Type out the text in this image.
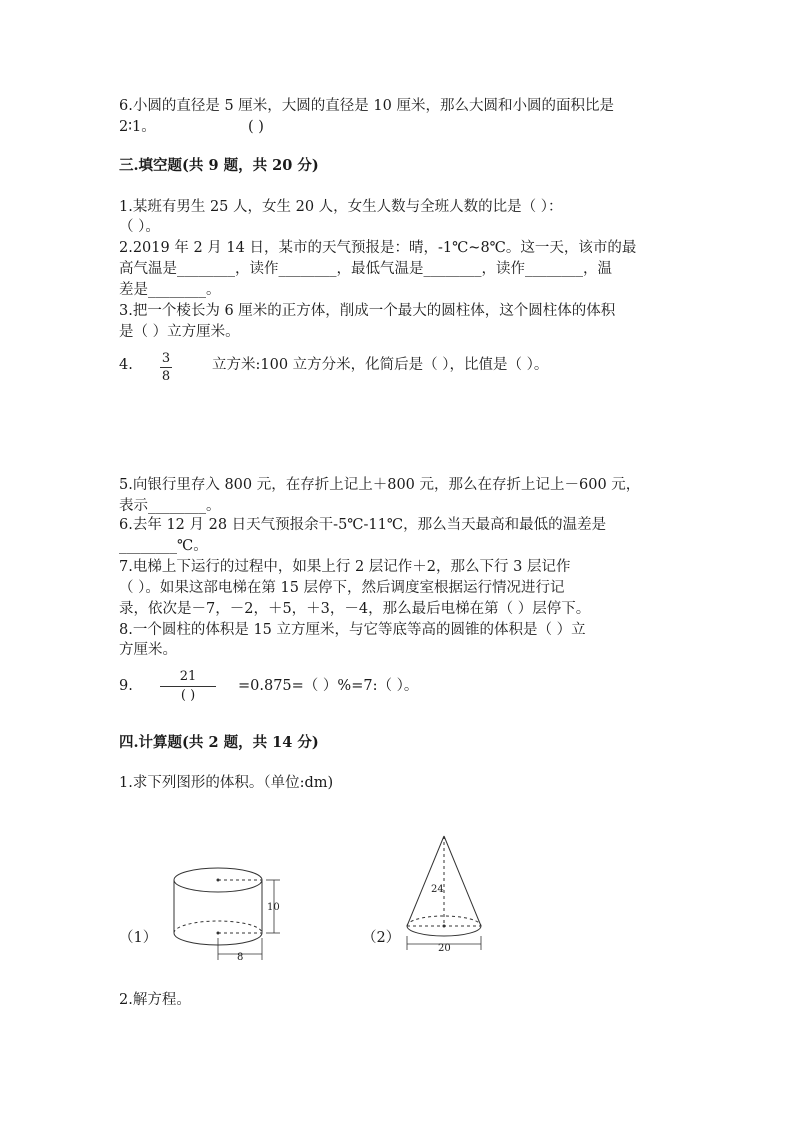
6.小圆的直径是 5 厘米，大圆的直径是 10 厘米，那么大圆和小圆的面积比是
2∶1。	( )
三.填空题(共 9 题，共 20 分)
1.某班有男生 25 人，女生 20 人，女生人数与全班人数的比是（ ）：
（ ）。
2.2019 年 2 月 14 日，某市的天气预报是：晴，-1℃~8℃。这一天，该市的最
高气温是________，读作________，最低气温是________，读作________，温
差是________。
3.把一个棱长为 6 厘米的正方体，削成一个最大的圆柱体，这个圆柱体的体积
是（ ）立方厘米。
4.	3
8
立方米:100 立方分米，化简后是（ ），比值是（ ）。
5.向银行里存入 800 元，在存折上记上＋800 元，那么在存折上记上－600 元，
表示________。
6.去年 12 月 28 日天气预报余干-5℃-11℃，那么当天最高和最低的温差是
________℃。
7.电梯上下运行的过程中，如果上行 2 层记作＋2，那么下行 3 层记作
（ ）。如果这部电梯在第 15 层停下，然后调度室根据运行情况进行记
录，依次是－7，－2，＋5，＋3，－4，那么最后电梯在第（ ）层停下。
8.一个圆柱的体积是 15 立方厘米，与它等底等高的圆锥的体积是（ ）立
方厘米。
9.
21
( )
=0.875=（ ）%=7:（ ）。
四.计算题(共 2 题，共 14 分)
1.求下列图形的体积。（单位:dm)
（1）
10
8
（2）
24
20
2.解方程。
